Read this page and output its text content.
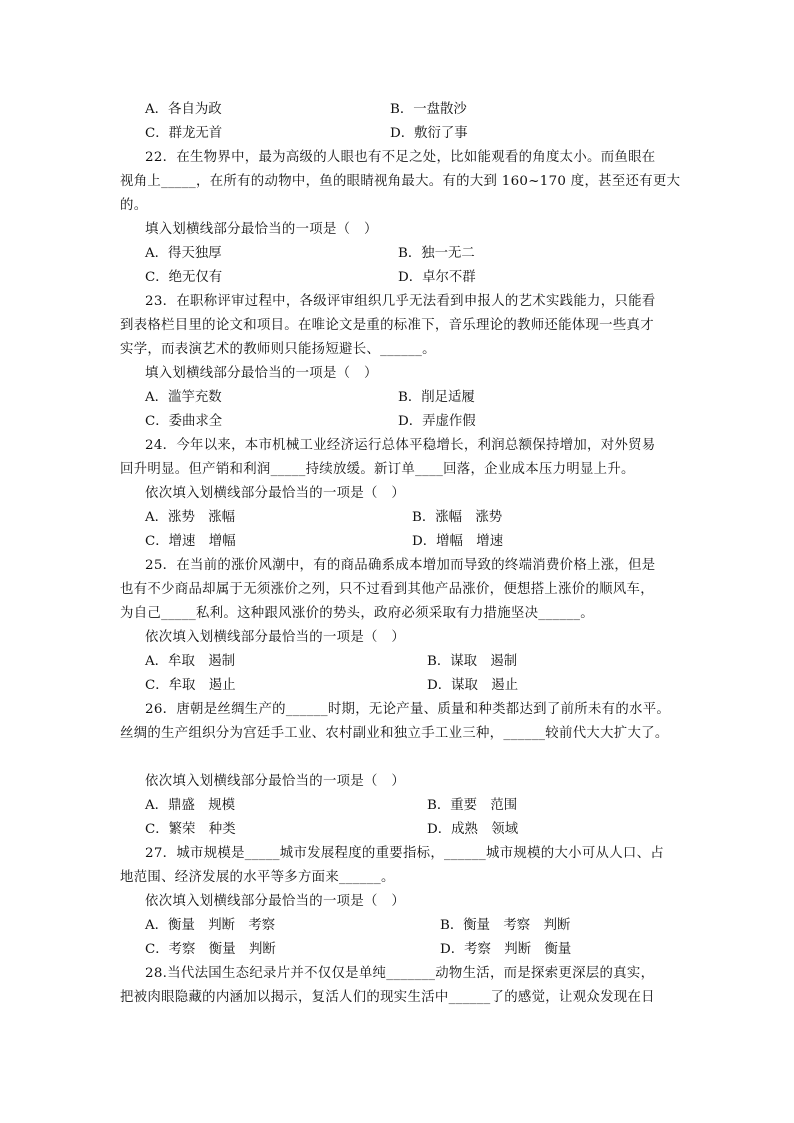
A．各自为政	B．一盘散沙
C．群龙无首	D．敷衍了事
22．在生物界中，最为高级的人眼也有不足之处，比如能观看的角度太小。而鱼眼在
视角上_____，在所有的动物中，鱼的眼睛视角最大。有的大到 160~170 度，甚至还有更大
的。
填入划横线部分最恰当的一项是（　）
A．得天独厚	B．独一无二
C．绝无仅有	D．卓尔不群
23．在职称评审过程中，各级评审组织几乎无法看到申报人的艺术实践能力，只能看
到表格栏目里的论文和项目。在唯论文是重的标准下，音乐理论的教师还能体现一些真才
实学，而表演艺术的教师则只能扬短避长、______。
填入划横线部分最恰当的一项是（　）
A．滥竽充数	B．削足适履
C．委曲求全	D．弄虚作假
24．今年以来，本市机械工业经济运行总体平稳增长，利润总额保持增加，对外贸易
回升明显。但产销和利润_____持续放缓。新订单____回落，企业成本压力明显上升。
依次填入划横线部分最恰当的一项是（　）
A．涨势　涨幅	B．涨幅　涨势
C．增速　增幅	D．增幅　增速
25．在当前的涨价风潮中，有的商品确系成本增加而导致的终端消费价格上涨，但是
也有不少商品却属于无须涨价之列，只不过看到其他产品涨价，便想搭上涨价的顺风车，
为自己_____私利。这种跟风涨价的势头，政府必须采取有力措施坚决______。
依次填入划横线部分最恰当的一项是（　）
A．牟取　遏制	B．谋取　遏制
C．牟取　遏止	D．谋取　遏止
26．唐朝是丝绸生产的______时期，无论产量、质量和种类都达到了前所未有的水平。
丝绸的生产组织分为宫廷手工业、农村副业和独立手工业三种，______较前代大大扩大了。
依次填入划横线部分最恰当的一项是（　）
A．鼎盛　规模	B．重要　范围
C．繁荣　种类	D．成熟　领域
27．城市规模是_____城市发展程度的重要指标，______城市规模的大小可从人口、占
地范围、经济发展的水平等多方面来______。
依次填入划横线部分最恰当的一项是（　）
A．衡量　判断　考察	B．衡量　考察　判断
C．考察　衡量　判断	D．考察　判断　衡量
28.当代法国生态纪录片并不仅仅是单纯_______动物生活，而是探索更深层的真实，
把被肉眼隐藏的内涵加以揭示，复活人们的现实生活中______了的感觉，让观众发现在日
